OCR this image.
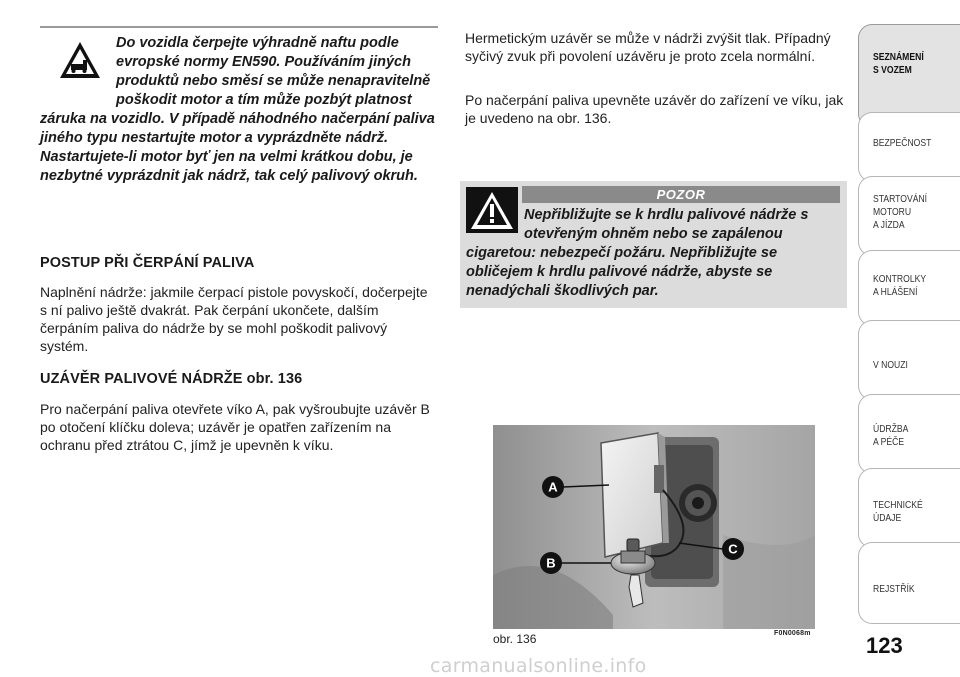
Do vozidla čerpejte výhradně naftu podle evropské normy EN590. Používáním jiných produktů nebo směsí se může nenapravitelně poškodit motor a tím může pozbýt platnost záruka na vozidlo. V případě náhodného načerpání paliva jiného typu nestartujte motor a vyprázdněte nádrž. Nastartujete-li motor byť jen na velmi krátkou dobu, je nezbytné vyprázdnit jak nádrž, tak celý palivový okruh.
POSTUP PŘI ČERPÁNÍ PALIVA
Naplnění nádrže: jakmile čerpací pistole povyskočí, dočerpejte s ní palivo ještě dvakrát. Pak čerpání ukončete, dalším čerpáním paliva do nádrže by se mohl poškodit palivový systém.
UZÁVĚR PALIVOVÉ NÁDRŽE obr. 136
Pro načerpání paliva otevřete víko A, pak vyšroubujte uzávěr B po otočení klíčku doleva; uzávěr je opatřen zařízením na ochranu před ztrátou C, jímž je upevněn k víku.
Hermetickým uzávěr se může v nádrži zvýšit tlak. Případný syčivý zvuk při povolení uzávěru je proto zcela normální.
Po načerpání paliva upevněte uzávěr do zařízení ve víku, jak je uvedeno na obr. 136.
POZOR
Nepřibližujte se k hrdlu palivové nádrže s otevřeným ohněm nebo se zapálenou cigaretou: nebezpečí požáru. Nepřibližujte se obličejem k hrdlu palivové nádrže, abyste se nenadýchali škodlivých par.
A
B
C
obr. 136	F0N0068m
SEZNÁMENÍ
S VOZEM
BEZPEČNOST
STARTOVÁNÍ
MOTORU
A JÍZDA
KONTROLKY
A HLÁŠENÍ
V NOUZI
ÚDRŽBA
A PÉČE
TECHNICKÉ
ÚDAJE
REJSTŘÍK
123
carmanualsonline.info
